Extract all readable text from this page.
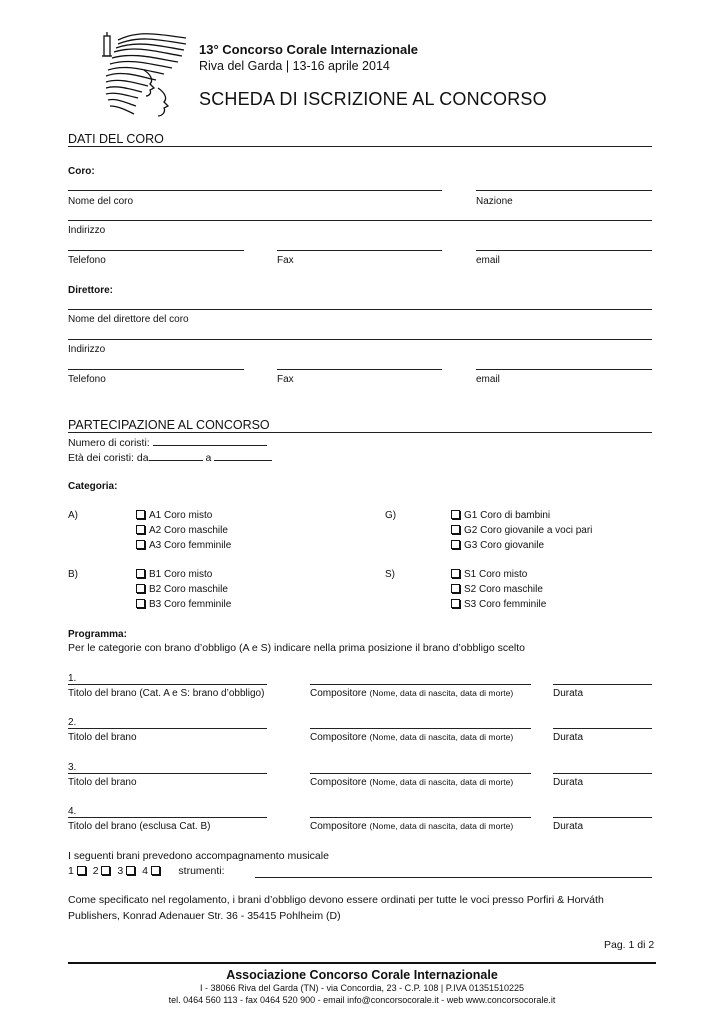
13° Concorso Corale Internazionale
Riva del Garda | 13-16 aprile 2014
SCHEDA DI ISCRIZIONE AL CONCORSO
DATI DEL CORO
Coro:
Nome del coro	Nazione
Indirizzo
Telefono	Fax	email
Direttore:
Nome del direttore del coro
Indirizzo
Telefono	Fax	email
PARTECIPAZIONE AL CONCORSO
Numero di coristi:
Età dei coristi: da	a
Categoria:
A)	A1 Coro misto
A2 Coro maschile
A3 Coro femminile
G)	G1 Coro di bambini
G2 Coro giovanile a voci pari
G3 Coro giovanile
B)	B1 Coro misto
B2 Coro maschile
B3 Coro femminile
S)	S1 Coro misto
S2 Coro maschile
S3 Coro femminile
Programma:
Per le categorie con brano d’obbligo (A e S) indicare nella prima posizione il brano d’obbligo scelto
1.
Titolo del brano (Cat. A e S: brano d’obbligo)	Compositore (Nome, data di nascita, data di morte)	Durata
2.
Titolo del brano	Compositore (Nome, data di nascita, data di morte)	Durata
3.
Titolo del brano	Compositore (Nome, data di nascita, data di morte)	Durata
4.
Titolo del brano (esclusa Cat. B)	Compositore (Nome, data di nascita, data di morte)	Durata
I seguenti brani prevedono accompagnamento musicale
1 2 3 4	strumenti:
Come specificato nel regolamento, i brani d’obbligo devono essere ordinati per tutte le voci presso Porfiri & Horváth
Publishers, Konrad Adenauer Str. 36 - 35415 Pohlheim (D)
Pag. 1 di 2
Associazione Concorso Corale Internazionale
I - 38066 Riva del Garda (TN) - via Concordia, 23 - C.P. 108 | P.IVA 01351510225
tel. 0464 560 113 - fax 0464 520 900 - email info@concorsocorale.it - web www.concorsocorale.it
